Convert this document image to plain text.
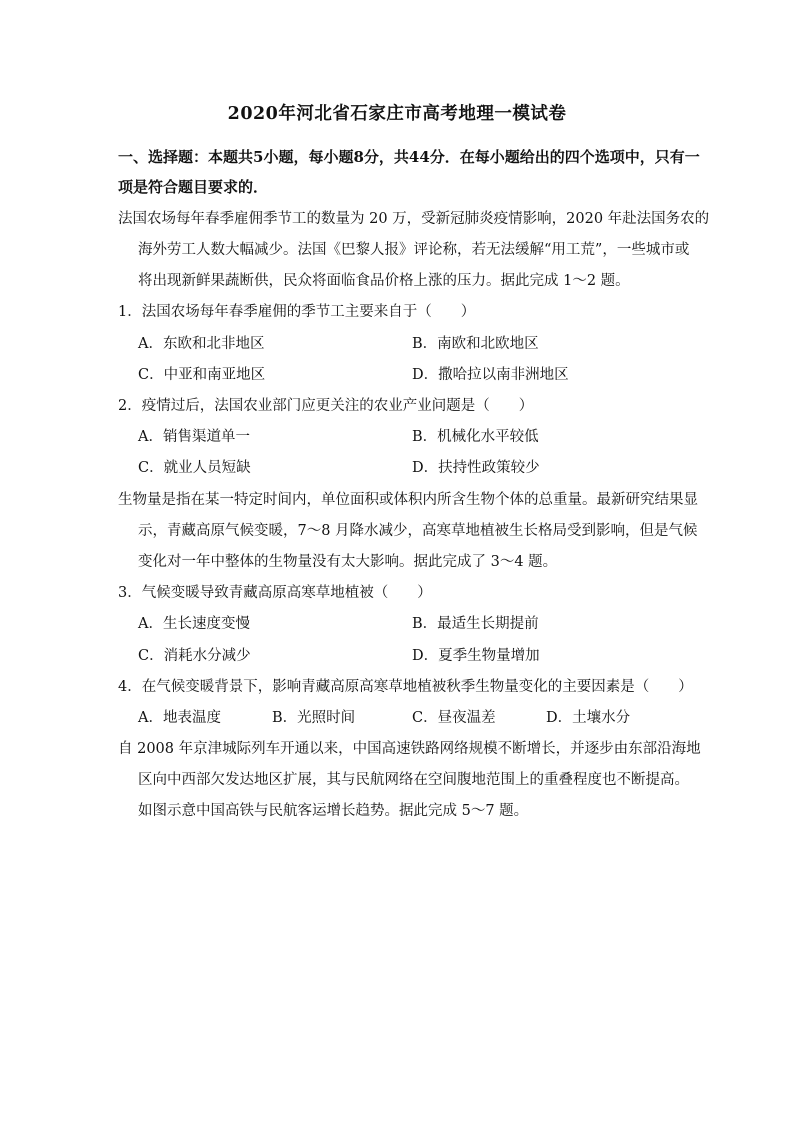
2020年河北省石家庄市高考地理一模试卷
一、选择题：本题共5小题，每小题8分，共44分．在每小题给出的四个选项中，只有一
项是符合题目要求的．
法国农场每年春季雇佣季节工的数量为 20 万，受新冠肺炎疫情影响，2020 年赴法国务农的
海外劳工人数大幅减少。法国《巴黎人报》评论称，若无法缓解“用工荒”，一些城市或
将出现新鲜果蔬断供，民众将面临食品价格上涨的压力。据此完成 1～2 题。
1．法国农场每年春季雇佣的季节工主要来自于（　　）
A．东欧和北非地区	B．南欧和北欧地区
C．中亚和南亚地区	D．撒哈拉以南非洲地区
2．疫情过后，法国农业部门应更关注的农业产业问题是（　　）
A．销售渠道单一	B．机械化水平较低
C．就业人员短缺	D．扶持性政策较少
生物量是指在某一特定时间内，单位面积或体积内所含生物个体的总重量。最新研究结果显
示，青藏高原气候变暖，7～8 月降水减少，高寒草地植被生长格局受到影响，但是气候
变化对一年中整体的生物量没有太大影响。据此完成了 3～4 题。
3．气候变暖导致青藏高原高寒草地植被（　　）
A．生长速度变慢	B．最适生长期提前
C．消耗水分减少	D．夏季生物量增加
4．在气候变暖背景下，影响青藏高原高寒草地植被秋季生物量变化的主要因素是（　　）
A．地表温度	B．光照时间	C．昼夜温差	D．土壤水分
自 2008 年京津城际列车开通以来，中国高速铁路网络规模不断增长，并逐步由东部沿海地
区向中西部欠发达地区扩展，其与民航网络在空间腹地范围上的重叠程度也不断提高。
如图示意中国高铁与民航客运增长趋势。据此完成 5～7 题。
